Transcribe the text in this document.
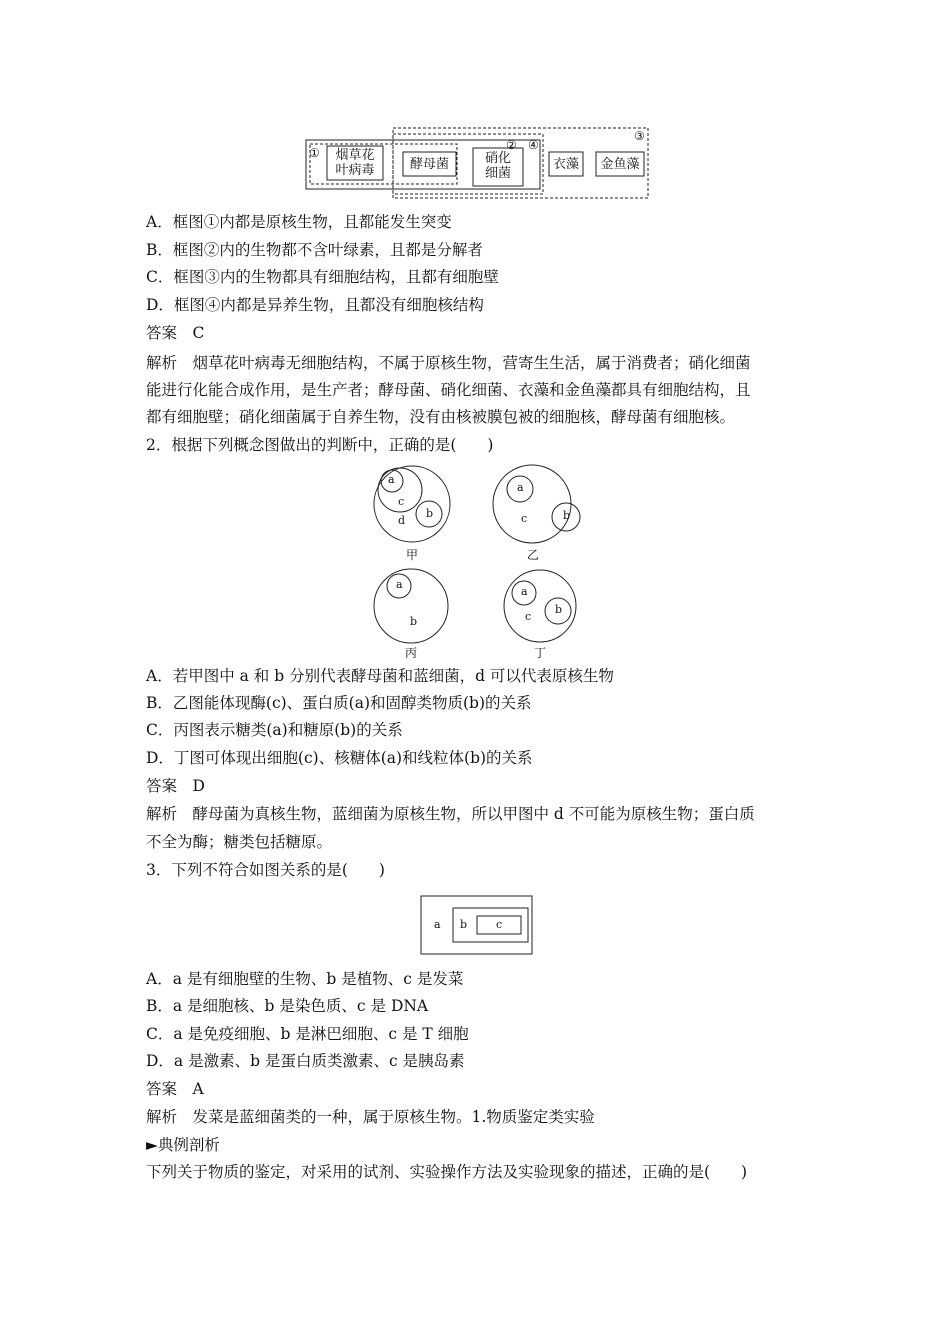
①
② ④
③
烟草花
叶病毒	酵母菌	硝化
细菌
衣藻	金鱼藻
A．框图①内都是原核生物，且都能发生突变
B．框图②内的生物都不含叶绿素，且都是分解者
C．框图③内的生物都具有细胞结构，且都有细胞壁
D．框图④内都是异养生物，且都没有细胞核结构
答案　C
解析　烟草花叶病毒无细胞结构，不属于原核生物，营寄生生活，属于消费者；硝化细菌
能进行化能合成作用，是生产者；酵母菌、硝化细菌、衣藻和金鱼藻都具有细胞结构，且
都有细胞壁；硝化细菌属于自养生物，没有由核被膜包被的细胞核，酵母菌有细胞核。
2．根据下列概念图做出的判断中，正确的是(　　)
a
c
b
d
甲
a
c	b
乙
a
b
丙
a
c
b
丁
A．若甲图中 a 和 b 分别代表酵母菌和蓝细菌，d 可以代表原核生物
B．乙图能体现酶(c)、蛋白质(a)和固醇类物质(b)的关系
C．丙图表示糖类(a)和糖原(b)的关系
D．丁图可体现出细胞(c)、核糖体(a)和线粒体(b)的关系
答案　D
解析　酵母菌为真核生物，蓝细菌为原核生物，所以甲图中 d 不可能为原核生物；蛋白质
不全为酶；糖类包括糖原。
3．下列不符合如图关系的是(　　)
a b	c
A．a 是有细胞壁的生物、b 是植物、c 是发菜
B．a 是细胞核、b 是染色质、c 是 DNA
C．a 是免疫细胞、b 是淋巴细胞、c 是 T 细胞
D．a 是激素、b 是蛋白质类激素、c 是胰岛素
答案　A
解析　发菜是蓝细菌类的一种，属于原核生物。1.物质鉴定类实验
►典例剖析
下列关于物质的鉴定，对采用的试剂、实验操作方法及实验现象的描述，正确的是(　　)
